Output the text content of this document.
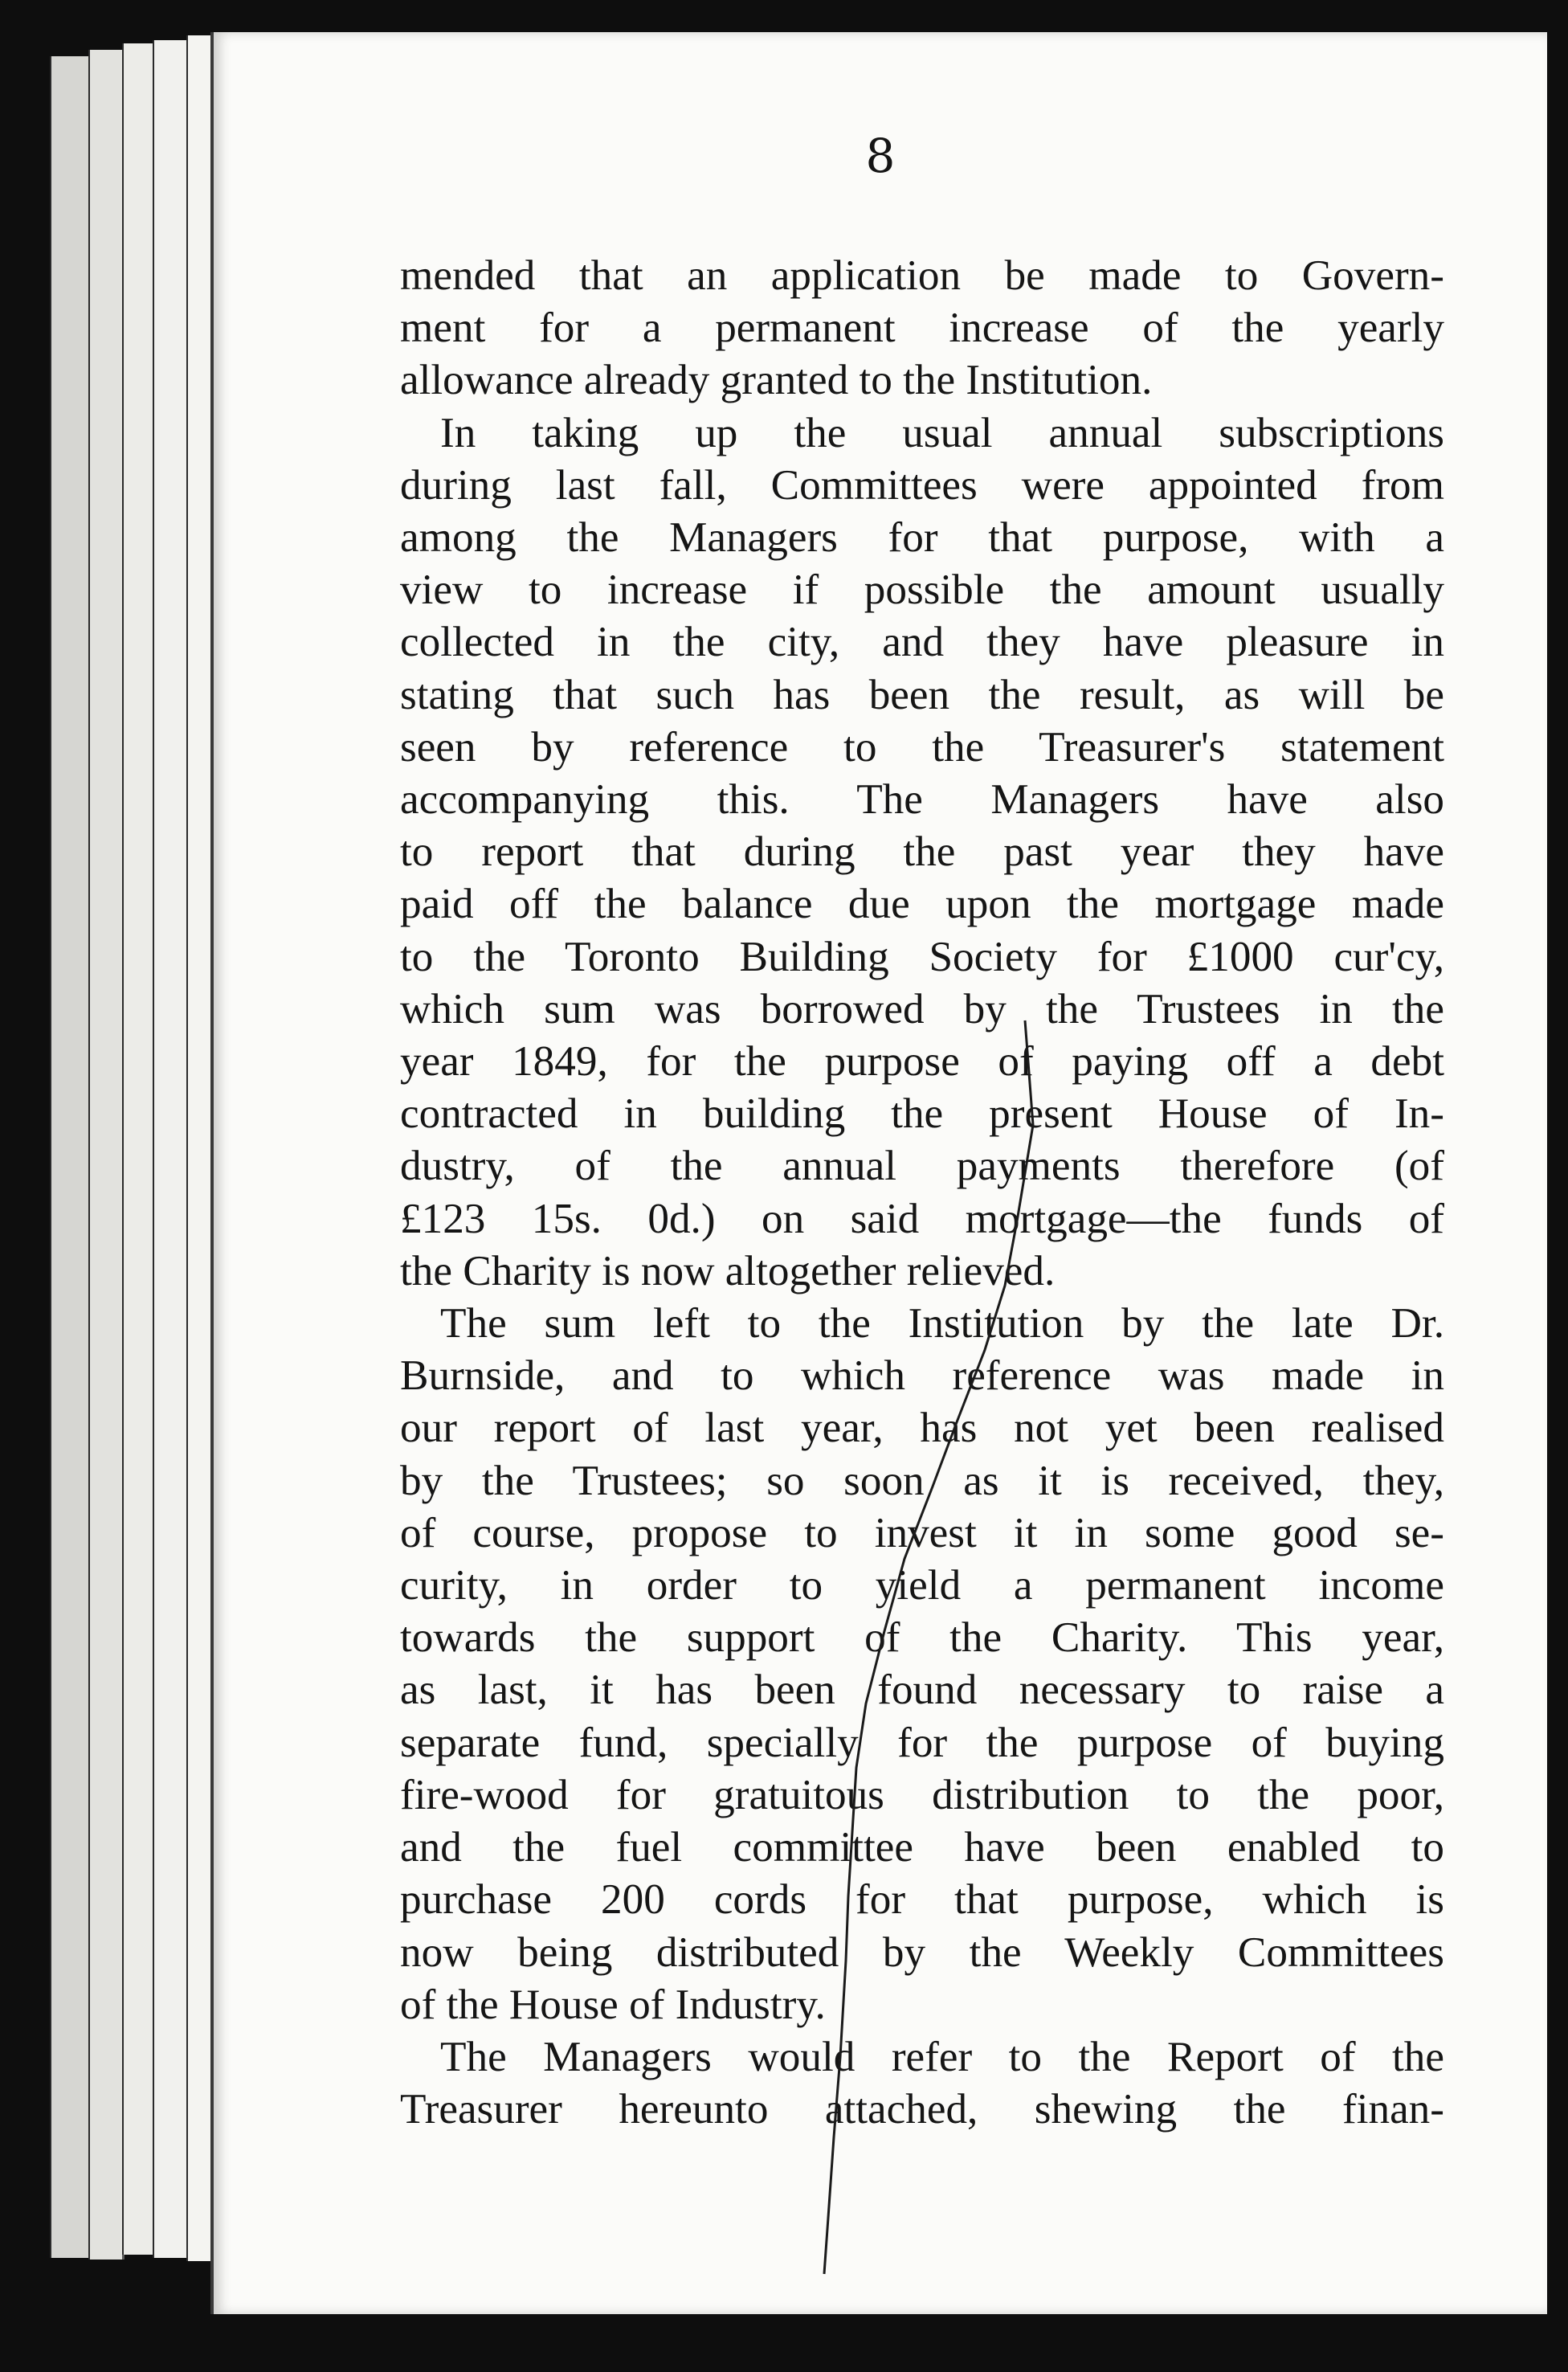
8
mended that an application be made to Govern-
ment for a permanent increase of the yearly
allowance already granted to the Institution.
In taking up the usual annual subscriptions
during last fall, Committees were appointed from
among the Managers for that purpose, with a
view to increase if possible the amount usually
collected in the city, and they have pleasure in
stating that such has been the result, as will be
seen by reference to the Treasurer's statement
accompanying this. The Managers have also
to report that during the past year they have
paid off the balance due upon the mortgage made
to the Toronto Building Society for £1000 cur'cy,
which sum was borrowed by the Trustees in the
year 1849, for the purpose of paying off a debt
contracted in building the present House of In-
dustry, of the annual payments therefore (of
£123 15s. 0d.) on said mortgage—the funds of
the Charity is now altogether relieved.
The sum left to the Institution by the late Dr.
Burnside, and to which reference was made in
our report of last year, has not yet been realised
by the Trustees; so soon as it is received, they,
of course, propose to invest it in some good se-
curity, in order to yield a permanent income
towards the support of the Charity. This year,
as last, it has been found necessary to raise a
separate fund, specially for the purpose of buying
fire-wood for gratuitous distribution to the poor,
and the fuel committee have been enabled to
purchase 200 cords for that purpose, which is
now being distributed by the Weekly Committees
of the House of Industry.
The Managers would refer to the Report of the
Treasurer hereunto attached, shewing the finan-
